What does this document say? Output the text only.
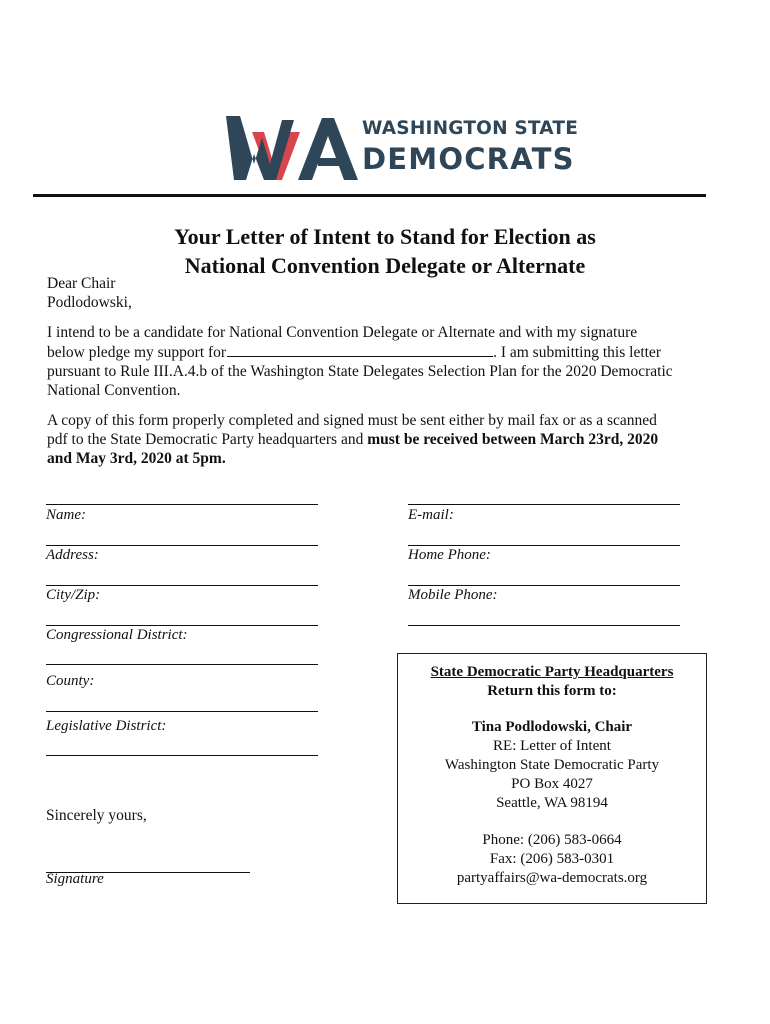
WASHINGTON STATE
DEMOCRATS
Your Letter of Intent to Stand for Election as
National Convention Delegate or Alternate
Dear Chair
Podlodowski,
I intend to be a candidate for National Convention Delegate or Alternate and with my signature
below pledge my support for	. I am submitting this letter
pursuant to Rule III.A.4.b of the Washington State Delegates Selection Plan for the 2020 Democratic
National Convention.
A copy of this form properly completed and signed must be sent either by mail fax or as a scanned
pdf to the State Democratic Party headquarters and must be received between March 23rd, 2020
and May 3rd, 2020 at 5pm.
Name:
Address:
City/Zip:
Congressional District:
County:
Legislative District:
E-mail:
Home Phone:
Mobile Phone:
Sincerely yours,
Signature
State Democratic Party Headquarters
Return this form to:
Tina Podlodowski, Chair
RE: Letter of Intent
Washington State Democratic Party
PO Box 4027
Seattle, WA 98194
Phone: (206) 583-0664
Fax: (206) 583-0301
partyaffairs@wa-democrats.org
